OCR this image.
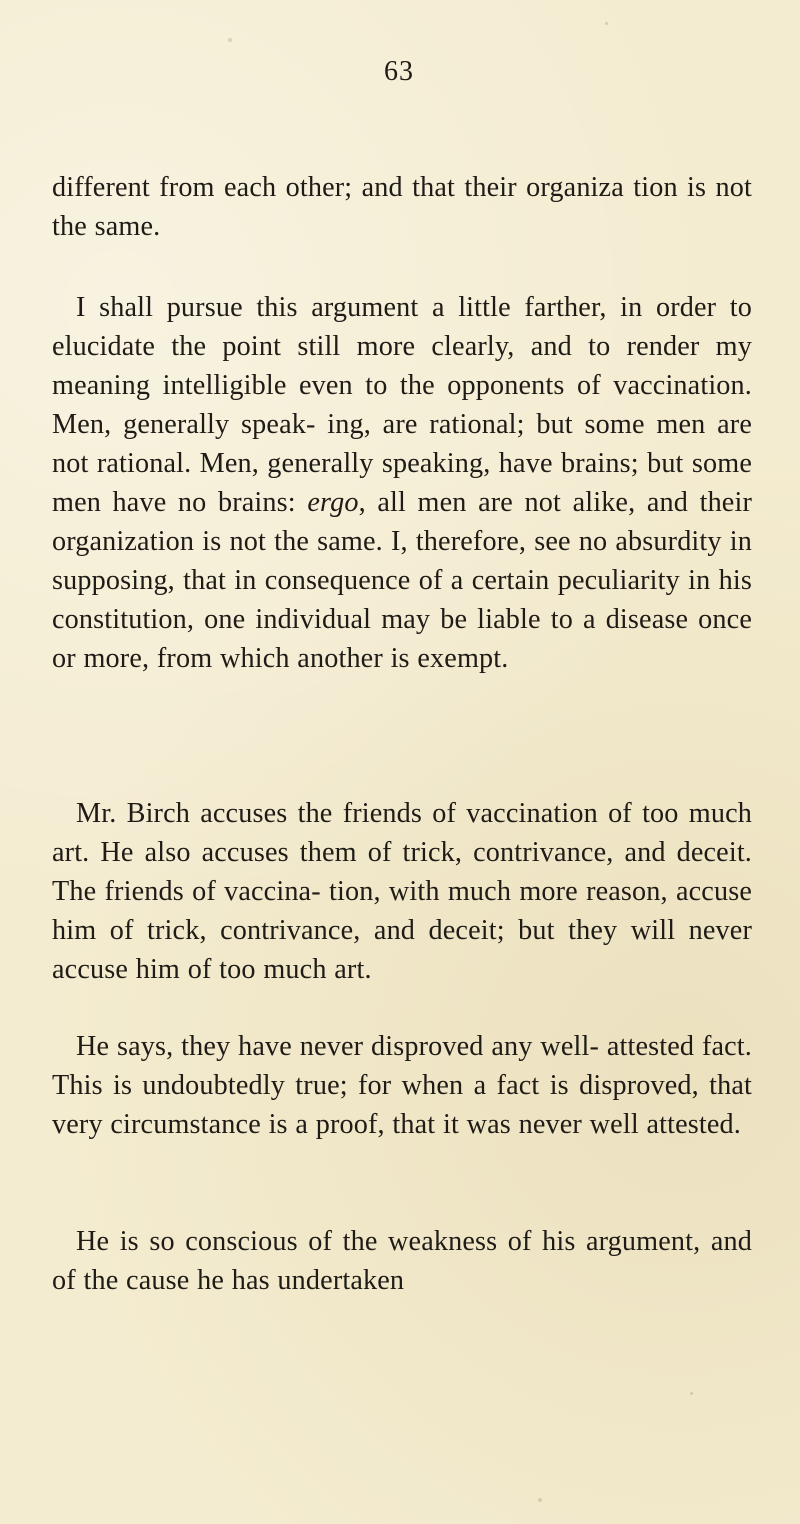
63

different from each other; and that their organiza tion is not the same.

I shall pursue this argument a little farther, in order to elucidate the point still more clearly, and to render my meaning intelligible even to the opponents of vaccination. Men, generally speak- ing, are rational; but some men are not rational. Men, generally speaking, have brains; but some men have no brains: ergo, all men are not alike, and their organization is not the same. I, therefore, see no absurdity in supposing, that in consequence of a certain peculiarity in his constitution, one individual may be liable to a disease once or more, from which another is exempt.

Mr. Birch accuses the friends of vaccination of too much art. He also accuses them of trick, contrivance, and deceit. The friends of vaccina- tion, with much more reason, accuse him of trick, contrivance, and deceit; but they will never accuse him of too much art.

He says, they have never disproved any well- attested fact. This is undoubtedly true; for when a fact is disproved, that very circumstance is a proof, that it was never well attested.

He is so conscious of the weakness of his argument, and of the cause he has undertaken
